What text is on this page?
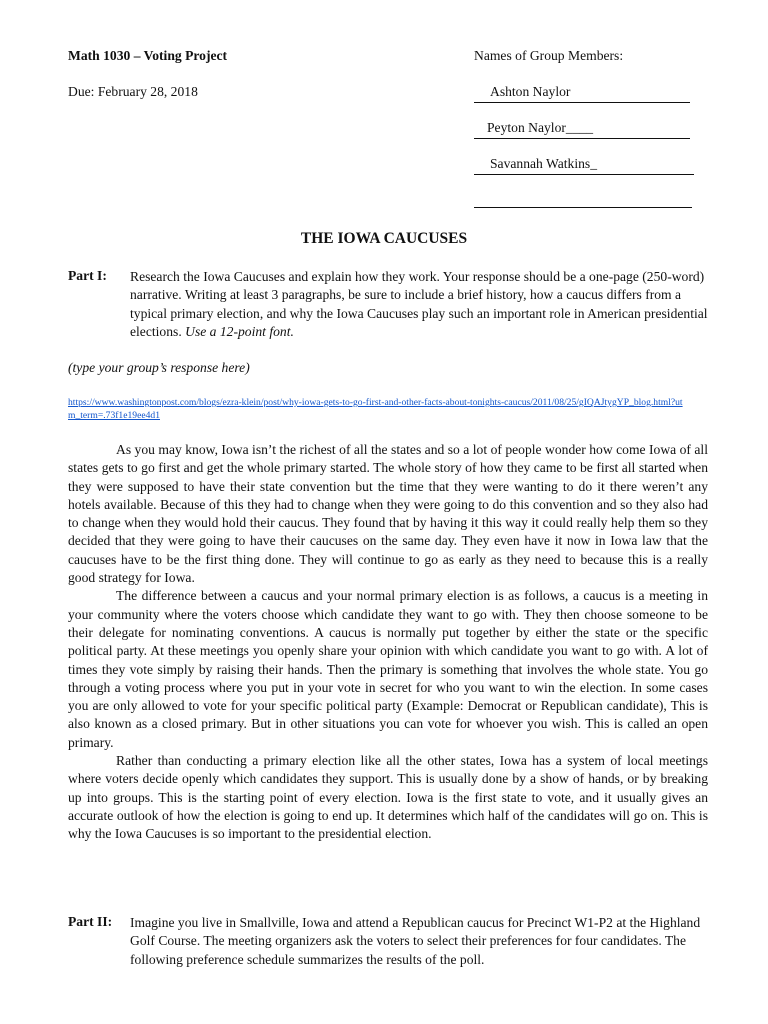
Math 1030 – Voting Project
Due: February 28, 2018
Names of Group Members:
Ashton Naylor
Peyton Naylor____
Savannah Watkins_
THE IOWA CAUCUSES
Part I: Research the Iowa Caucuses and explain how they work. Your response should be a one-page (250-word) narrative. Writing at least 3 paragraphs, be sure to include a brief history, how a caucus differs from a typical primary election, and why the Iowa Caucuses play such an important role in American presidential elections. Use a 12-point font.
(type your group’s response here)
https://www.washingtonpost.com/blogs/ezra-klein/post/why-iowa-gets-to-go-first-and-other-facts-about-tonights-caucus/2011/08/25/gIQAJtygYP_blog.html?utm_term=.73f1e19ee4d1

As you may know, Iowa isn’t the richest of all the states and so a lot of people wonder how come Iowa of all states gets to go first and get the whole primary started. The whole story of how they came to be first all started when they were supposed to have their state convention but the time that they were wanting to do it there weren’t any hotels available. Because of this they had to change when they were going to do this convention and so they also had to change when they would hold their caucus. They found that by having it this way it could really help them so they decided that they were going to have their caucuses on the same day. They even have it now in Iowa law that the caucuses have to be the first thing done. They will continue to go as early as they need to because this is a really good strategy for Iowa.

The difference between a caucus and your normal primary election is as follows, a caucus is a meeting in your community where the voters choose which candidate they want to go with. They then choose someone to be their delegate for nominating conventions. A caucus is normally put together by either the state or the specific political party. At these meetings you openly share your opinion with which candidate you want to go with. A lot of times they vote simply by raising their hands. Then the primary is something that involves the whole state. You go through a voting process where you put in your vote in secret for who you want to win the election. In some cases you are only allowed to vote for your specific political party (Example: Democrat or Republican candidate), This is also known as a closed primary. But in other situations you can vote for whoever you wish. This is called an open primary.

Rather than conducting a primary election like all the other states, Iowa has a system of local meetings where voters decide openly which candidates they support. This is usually done by a show of hands, or by breaking up into groups. This is the starting point of every election. Iowa is the first state to vote, and it usually gives an accurate outlook of how the election is going to end up. It determines which half of the candidates will go on. This is why the Iowa Caucuses is so important to the presidential election.

Part II: Imagine you live in Smallville, Iowa and attend a Republican caucus for Precinct W1-P2 at the Highland Golf Course. The meeting organizers ask the voters to select their preferences for four candidates. The following preference schedule summarizes the results of the poll.
